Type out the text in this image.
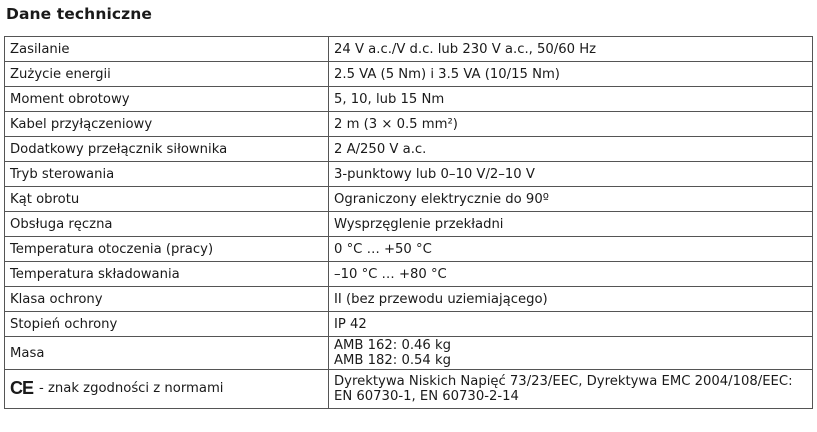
Dane techniczne
Zasilanie	24 V a.c./V d.c. lub 230 V a.c., 50/60 Hz
Zużycie energii	2.5 VA (5 Nm) i 3.5 VA (10/15 Nm)
Moment obrotowy	5, 10, lub 15 Nm
Kabel przyłączeniowy	2 m (3 × 0.5 mm²)
Dodatkowy przełącznik siłownika	2 A/250 V a.c.
Tryb sterowania	3-punktowy lub 0–10 V/2–10 V
Kąt obrotu	Ograniczony elektrycznie do 90º
Obsługa ręczna	Wysprzęglenie przekładni
Temperatura otoczenia (pracy)	0 °C … +50 °C
Temperatura składowania	–10 °C … +80 °C
Klasa ochrony	II (bez przewodu uziemiającego)
Stopień ochrony	IP 42
Masa	AMB 162: 0.46 kg
AMB 182: 0.54 kg

CE - znak zgodności z normami	Dyrektywa Niskich Napięć 73/23/EEC, Dyrektywa EMC 2004/108/EEC:
EN 60730-1, EN 60730-2-14
